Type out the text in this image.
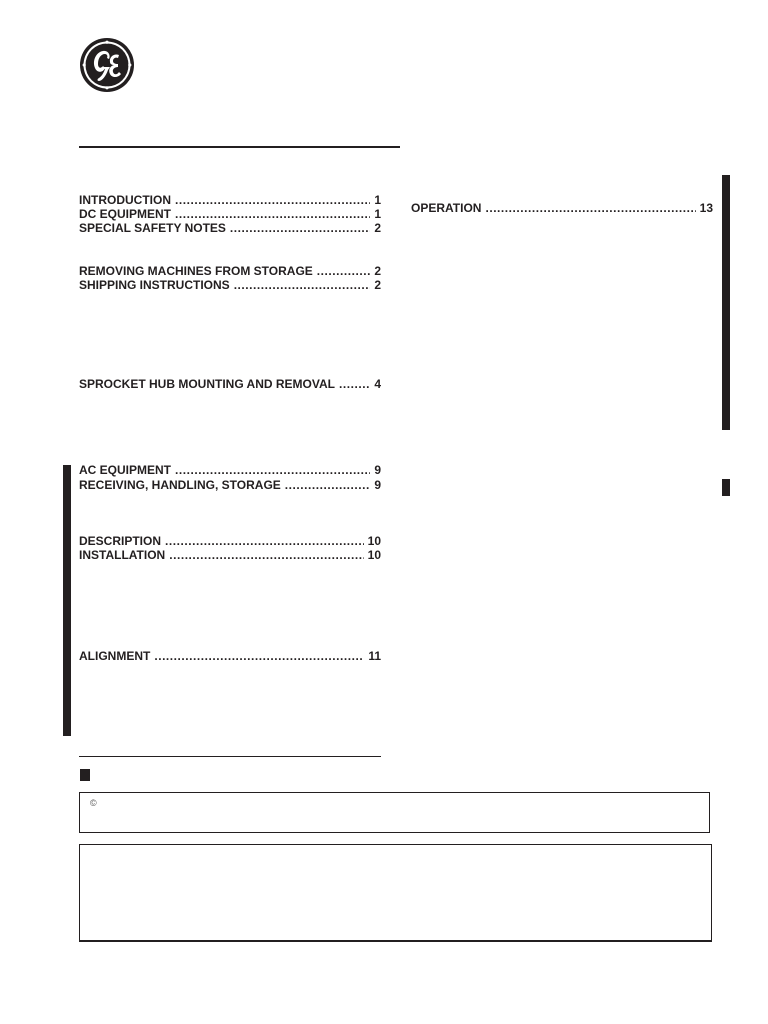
INTRODUCTION . . .	1
DC EQUIPMENT . . .	1
SPECIAL SAFETY NOTES . . .	2
REMOVING MACHINES FROM STORAGE . . .	2
SHIPPING INSTRUCTIONS . . .	2
SPROCKET HUB MOUNTING AND REMOVAL . . .	4
AC EQUIPMENT . . .	9
RECEIVING, HANDLING, STORAGE . . .	9
DESCRIPTION . . .	10
INSTALLATION . . .	10
ALIGNMENT . . .	11
OPERATION . . .	13
©
